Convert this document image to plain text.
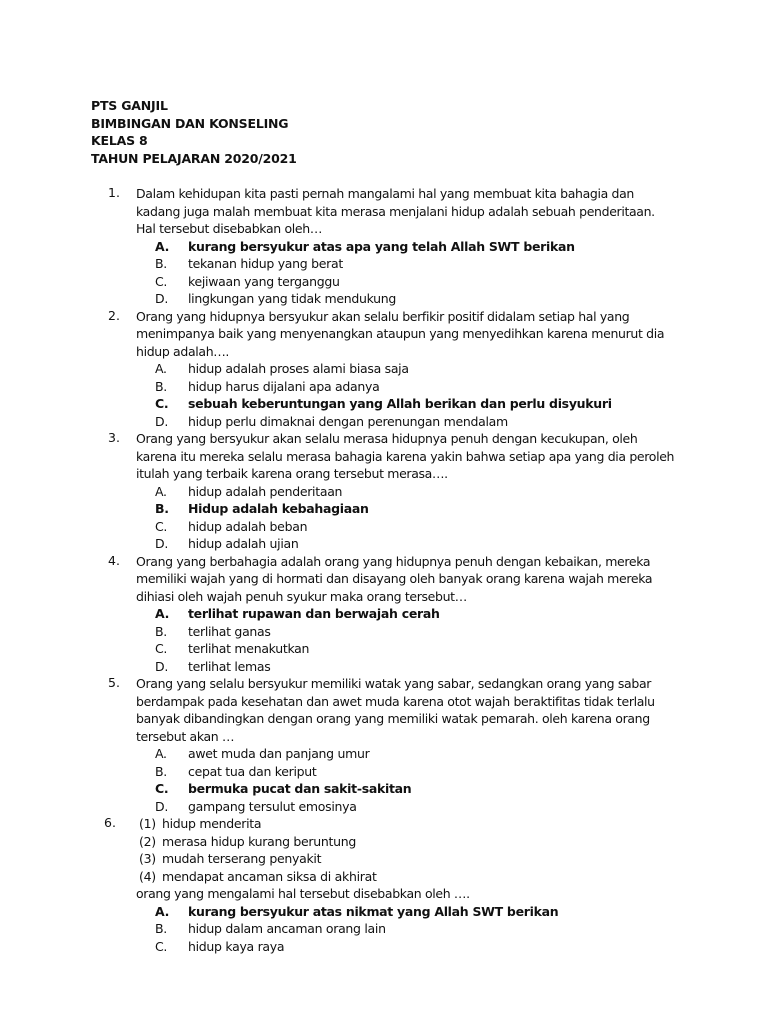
PTS GANJIL
BIMBINGAN DAN KONSELING
KELAS 8
TAHUN PELAJARAN 2020/2021
1.	Dalam kehidupan kita pasti pernah mangalami hal yang membuat kita bahagia dan kadang juga malah membuat kita merasa menjalani hidup adalah sebuah penderitaan. Hal tersebut disebabkan oleh…
A. kurang bersyukur atas apa yang telah Allah SWT berikan
B. tekanan hidup yang berat
C. kejiwaan yang terganggu
D. lingkungan yang tidak mendukung
2.	Orang yang hidupnya bersyukur akan selalu berfikir positif didalam setiap hal yang menimpanya baik yang menyenangkan ataupun yang menyedihkan karena menurut dia hidup adalah….
A. hidup adalah proses alami biasa saja
B. hidup harus dijalani apa adanya
C. sebuah keberuntungan yang Allah berikan dan perlu disyukuri
D. hidup perlu dimaknai dengan perenungan mendalam
3.	Orang yang bersyukur akan selalu merasa hidupnya penuh dengan kecukupan, oleh karena itu mereka selalu merasa bahagia karena yakin bahwa setiap apa yang dia peroleh itulah yang terbaik karena orang tersebut merasa….
A. hidup adalah penderitaan
B. Hidup adalah kebahagiaan
C. hidup adalah beban
D. hidup adalah ujian
4.	Orang yang berbahagia adalah orang yang hidupnya penuh dengan kebaikan, mereka memiliki wajah yang di hormati dan disayang oleh banyak orang karena wajah mereka dihiasi oleh wajah penuh syukur maka orang tersebut…
A. terlihat rupawan dan berwajah cerah
B. terlihat ganas
C. terlihat menakutkan
D. terlihat lemas
5.	Orang yang selalu bersyukur memiliki watak yang sabar, sedangkan orang yang sabar berdampak pada kesehatan dan awet muda karena otot wajah beraktifitas tidak terlalu banyak dibandingkan dengan orang yang memiliki watak pemarah. oleh karena orang tersebut akan …
A. awet muda dan panjang umur
B. cepat tua dan keriput
C. bermuka pucat dan sakit-sakitan
D. gampang tersulut emosinya
6. (1) hidup menderita
(2) merasa hidup kurang beruntung
(3) mudah terserang penyakit
(4) mendapat ancaman siksa di akhirat
orang yang mengalami hal tersebut disebabkan oleh ….
A. kurang bersyukur atas nikmat yang Allah SWT berikan
B. hidup dalam ancaman orang lain
C. hidup kaya raya
